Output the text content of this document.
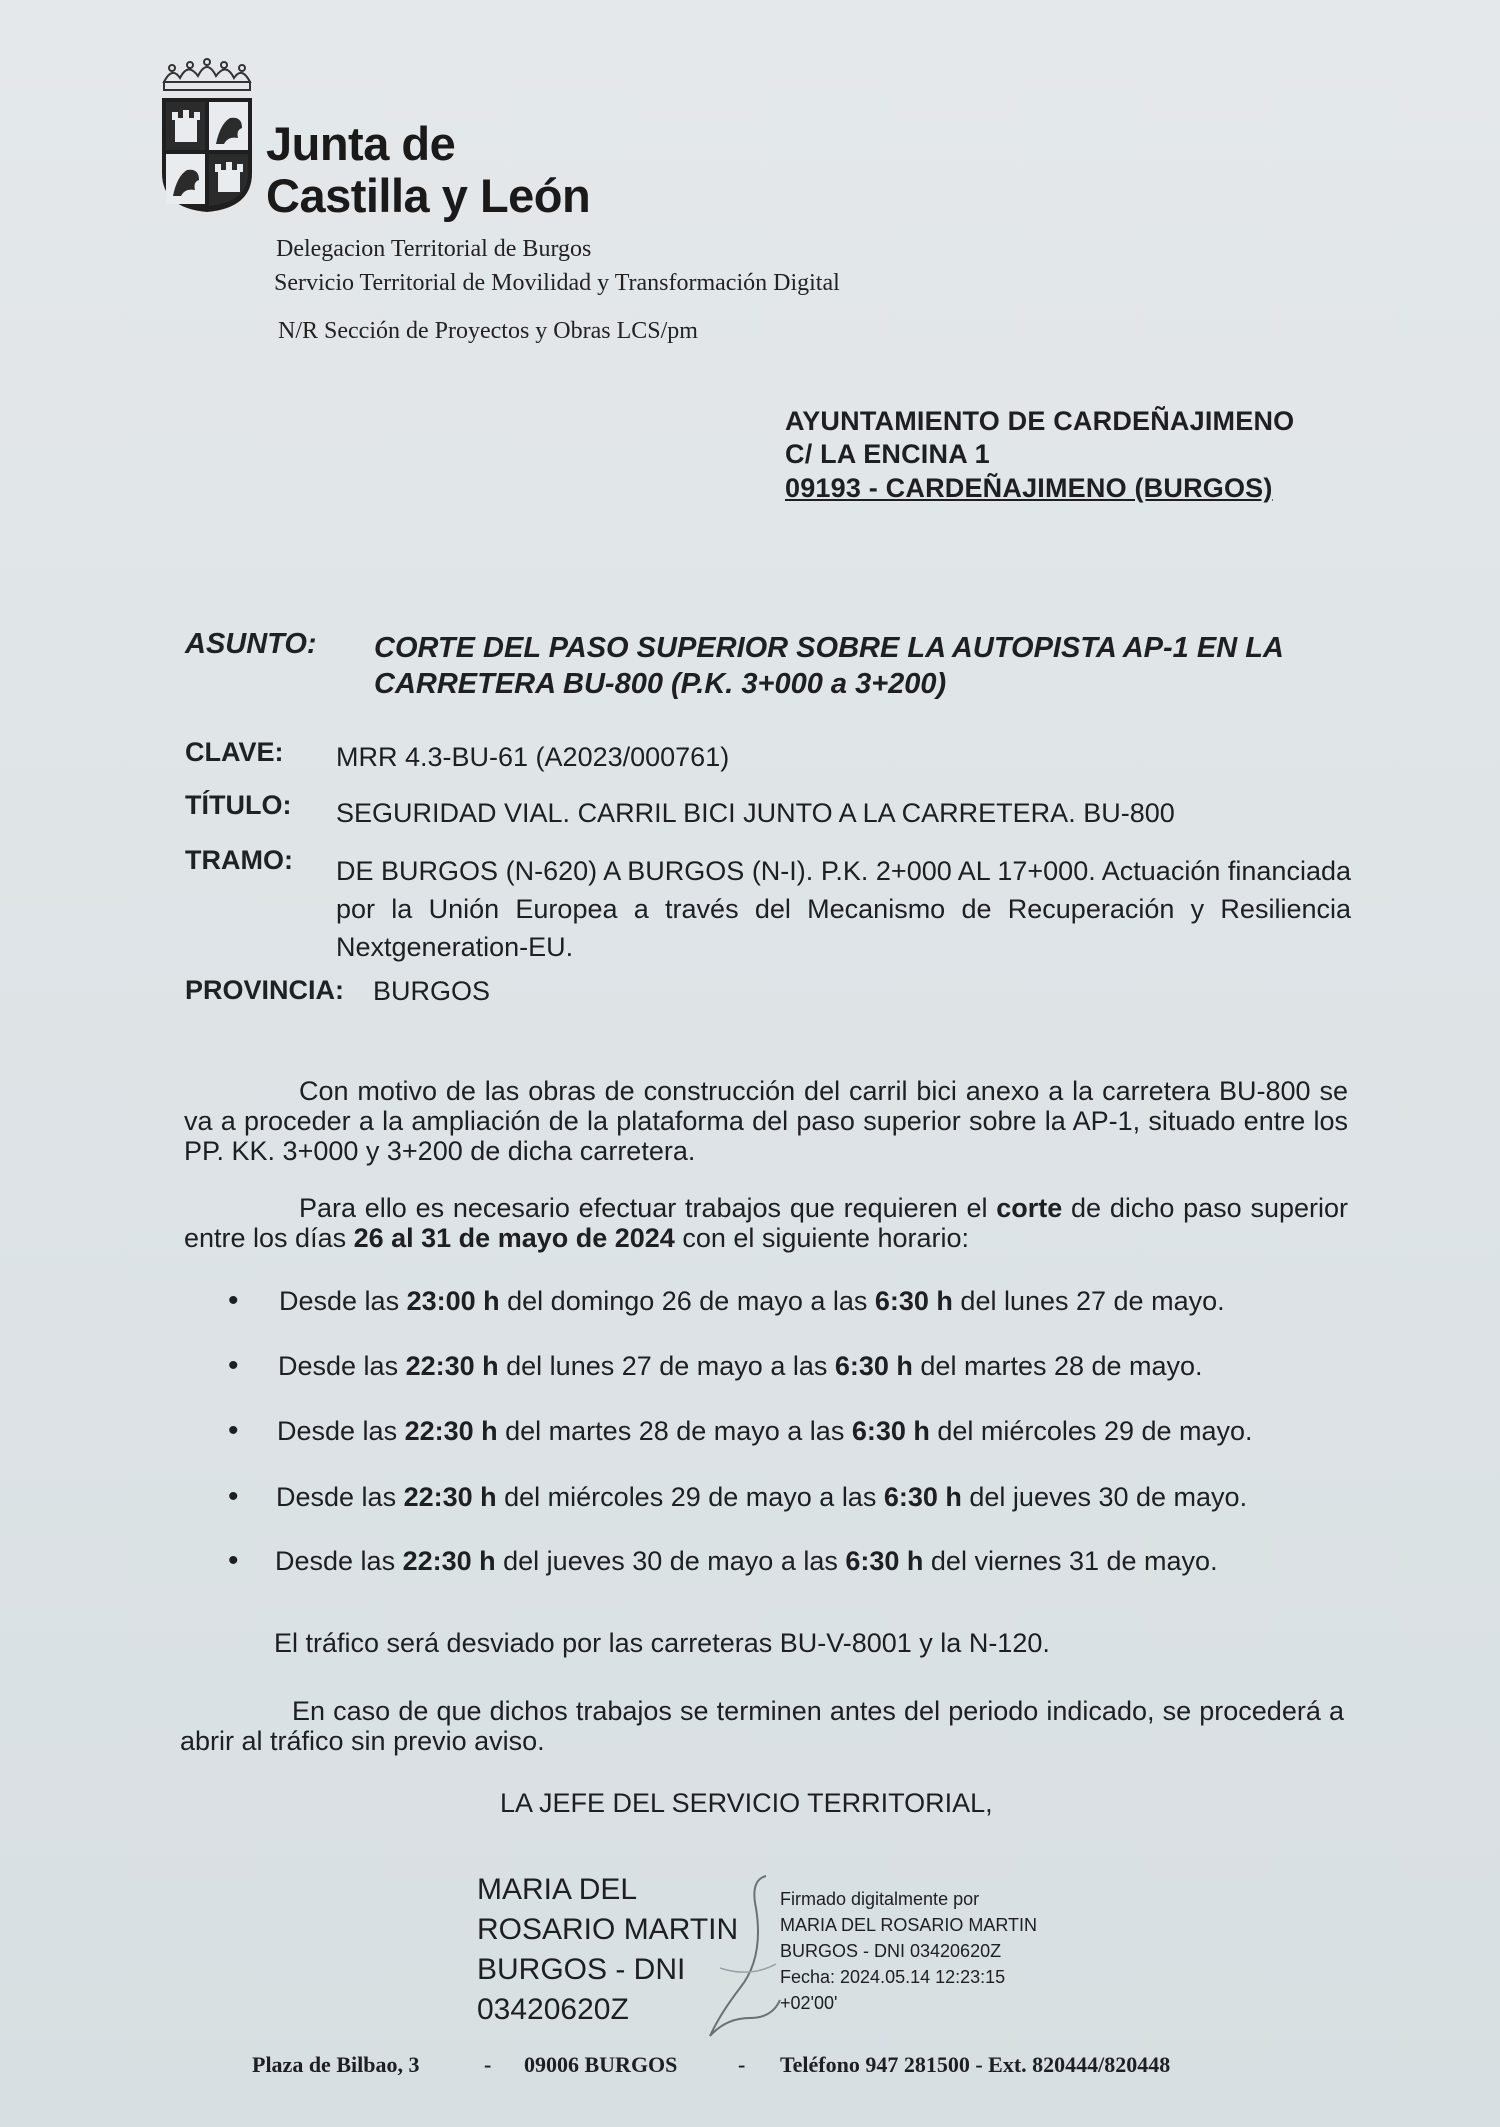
Junta de
Castilla y León
Delegacion Territorial de Burgos
Servicio Territorial de Movilidad y Transformación Digital
N/R Sección de Proyectos y Obras LCS/pm
AYUNTAMIENTO DE CARDEÑAJIMENO
C/ LA ENCINA 1
09193 - CARDEÑAJIMENO (BURGOS)
ASUNTO: CORTE DEL PASO SUPERIOR SOBRE LA AUTOPISTA AP-1 EN LA
CARRETERA BU-800 (P.K. 3+000 a 3+200)
CLAVE: MRR 4.3-BU-61 (A2023/000761)
TÍTULO: SEGURIDAD VIAL. CARRIL BICI JUNTO A LA CARRETERA. BU-800
TRAMO: DE BURGOS (N-620) A BURGOS (N-I). P.K. 2+000 AL 17+000. Actuación financiada por la Unión Europea a través del Mecanismo de Recuperación y Resiliencia Nextgeneration-EU.
PROVINCIA: BURGOS
Con motivo de las obras de construcción del carril bici anexo a la carretera BU-800 se va a proceder a la ampliación de la plataforma del paso superior sobre la AP-1, situado entre los PP. KK. 3+000 y 3+200 de dicha carretera.
Para ello es necesario efectuar trabajos que requieren el corte de dicho paso superior entre los días 26 al 31 de mayo de 2024 con el siguiente horario:
• Desde las 23:00 h del domingo 26 de mayo a las 6:30 h del lunes 27 de mayo.
• Desde las 22:30 h del lunes 27 de mayo a las 6:30 h del martes 28 de mayo.
• Desde las 22:30 h del martes 28 de mayo a las 6:30 h del miércoles 29 de mayo.
• Desde las 22:30 h del miércoles 29 de mayo a las 6:30 h del jueves 30 de mayo.
• Desde las 22:30 h del jueves 30 de mayo a las 6:30 h del viernes 31 de mayo.
El tráfico será desviado por las carreteras BU-V-8001 y la N-120.
En caso de que dichos trabajos se terminen antes del periodo indicado, se procederá a abrir al tráfico sin previo aviso.
LA JEFE DEL SERVICIO TERRITORIAL,
MARIA DEL
ROSARIO MARTIN
BURGOS - DNI
03420620Z
Firmado digitalmente por
MARIA DEL ROSARIO MARTIN
BURGOS - DNI 03420620Z
Fecha: 2024.05.14 12:23:15
+02'00'
Plaza de Bilbao, 3	- 09006 BURGOS	- Teléfono 947 281500 - Ext. 820444/820448
